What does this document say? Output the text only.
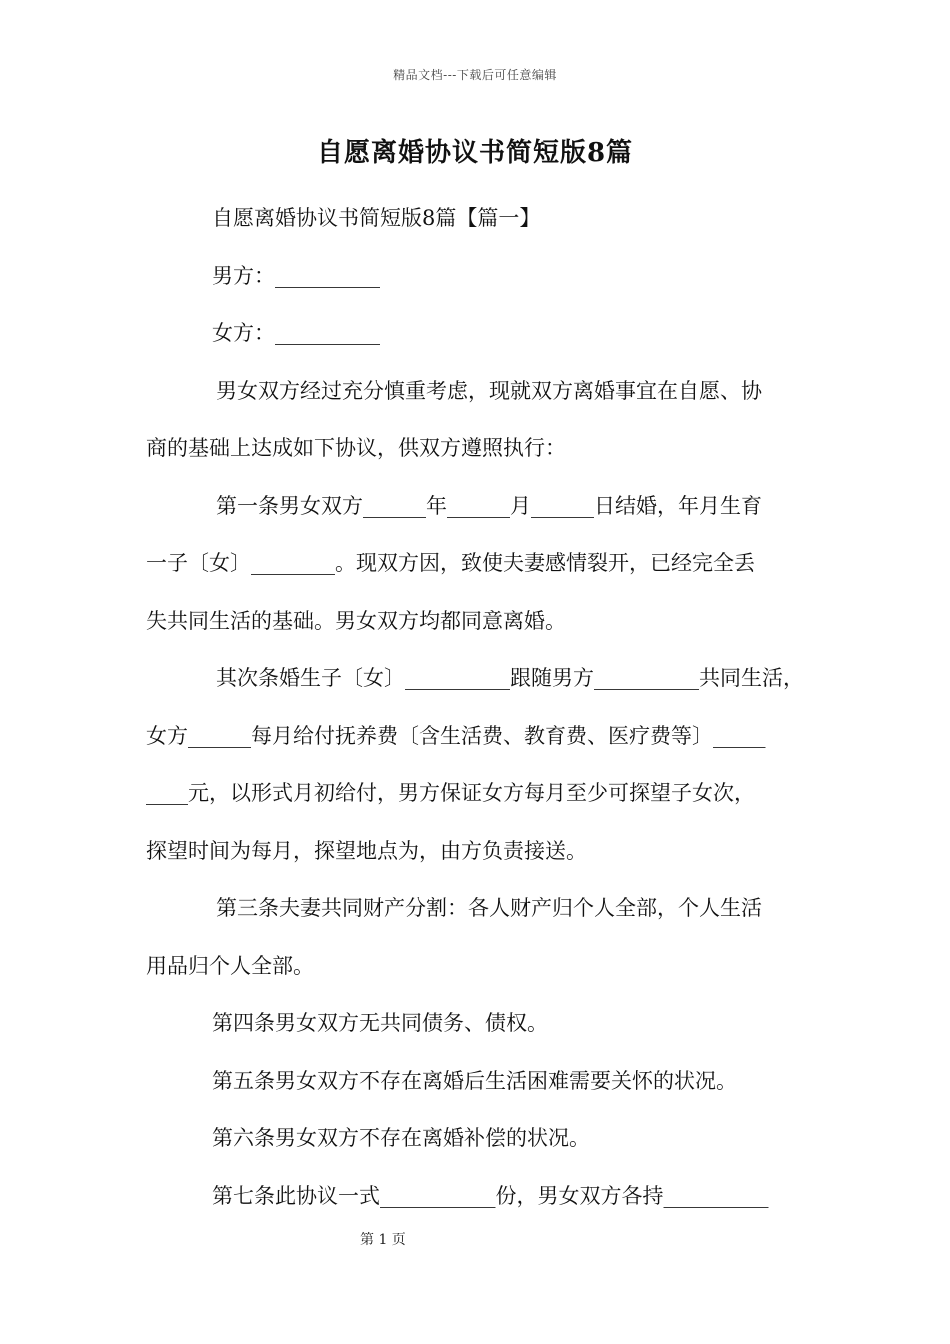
精品文档---下载后可任意编辑
自愿离婚协议书简短版8篇
自愿离婚协议书简短版8篇【篇一】
男方：__________
女方：__________
男女双方经过充分慎重考虑，现就双方离婚事宜在自愿、协
商的基础上达成如下协议，供双方遵照执行：
第一条男女双方______年______月______日结婚，年月生育
一子〔女〕________。现双方因，致使夫妻感情裂开，已经完全丢
失共同生活的基础。男女双方均都同意离婚。
其次条婚生子〔女〕__________跟随男方__________共同生活，
女方______每月给付抚养费〔含生活费、教育费、医疗费等〕_____
____元，以形式月初给付，男方保证女方每月至少可探望子女次，
探望时间为每月，探望地点为，由方负责接送。
第三条夫妻共同财产分割：各人财产归个人全部，个人生活
用品归个人全部。
第四条男女双方无共同债务、债权。
第五条男女双方不存在离婚后生活困难需要关怀的状况。
第六条男女双方不存在离婚补偿的状况。
第七条此协议一式___________份，男女双方各持__________
第 1 页
